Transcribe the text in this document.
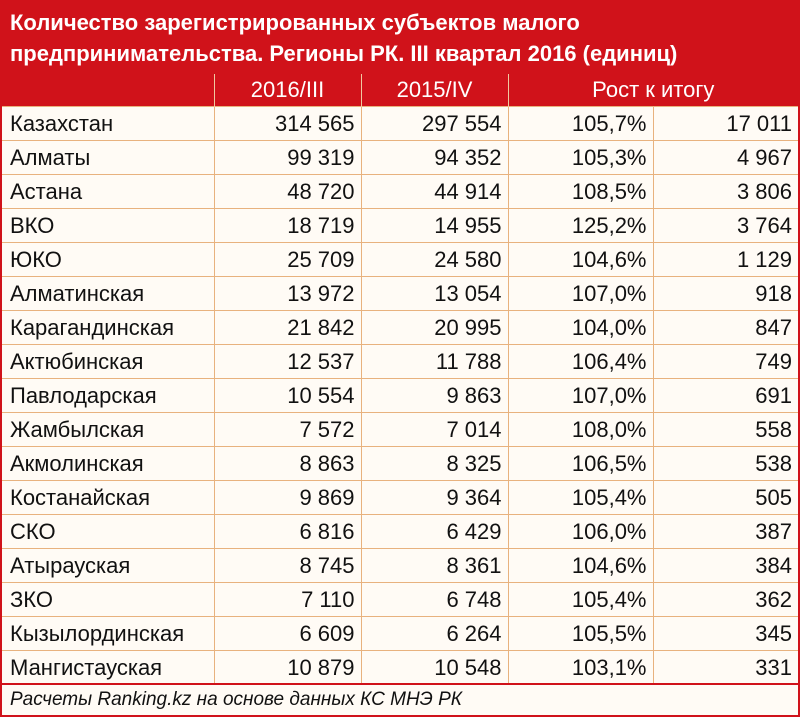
Количество зарегистрированных субъектов малого
предпринимательства. Регионы РК. III квартал 2016 (единиц)
	2016/III	2015/IV	Рост к итогу	
Казахстан	314 565	297 554	105,7%	17 011
Алматы	99 319	94 352	105,3%	4 967
Астана	48 720	44 914	108,5%	3 806
ВКО	18 719	14 955	125,2%	3 764
ЮКО	25 709	24 580	104,6%	1 129
Алматинская	13 972	13 054	107,0%	918
Карагандинская	21 842	20 995	104,0%	847
Актюбинская	12 537	11 788	106,4%	749
Павлодарская	10 554	9 863	107,0%	691
Жамбылская	7 572	7 014	108,0%	558
Акмолинская	8 863	8 325	106,5%	538
Костанайская	9 869	9 364	105,4%	505
СКО	6 816	6 429	106,0%	387
Атырауская	8 745	8 361	104,6%	384
ЗКО	7 110	6 748	105,4%	362
Кызылординская	6 609	6 264	105,5%	345
Мангистауская	10 879	10 548	103,1%	331
Расчеты Ranking.kz на основе данных КС МНЭ РК
